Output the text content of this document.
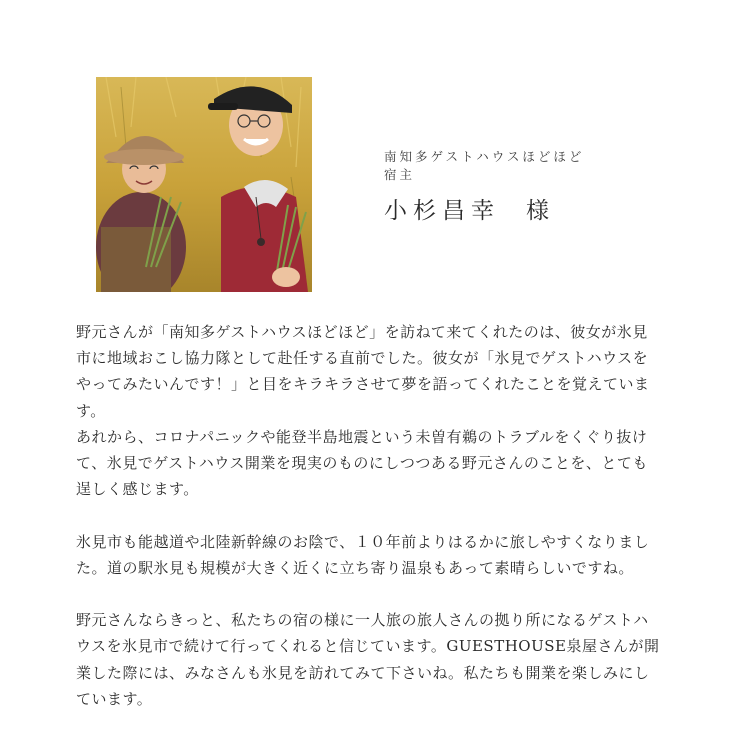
南知多ゲストハウスほどほど

宿主

小杉昌幸 様

野元さんが「南知多ゲストハウスほどほど」を訪ねて来てくれたのは、彼女が氷見市に地域おこし協力隊として赴任する直前でした。彼女が「氷見でゲストハウスをやってみたいんです！」と目をキラキラさせて夢を語ってくれたことを覚えています。

あれから、コロナパニックや能登半島地震という未曽有鵜のトラブルをくぐり抜けて、氷見でゲストハウス開業を現実のものにしつつある野元さんのことを、とても逞しく感じます。

氷見市も能越道や北陸新幹線のお陰で、１０年前よりはるかに旅しやすくなりました。道の駅氷見も規模が大きく近くに立ち寄り温泉もあって素晴らしいですね。

野元さんならきっと、私たちの宿の様に一人旅の旅人さんの拠り所になるゲストハウスを氷見市で続けて行ってくれると信じています。GUESTHOUSE泉屋さんが開業した際には、みなさんも氷見を訪れてみて下さいね。私たちも開業を楽しみにしています。
